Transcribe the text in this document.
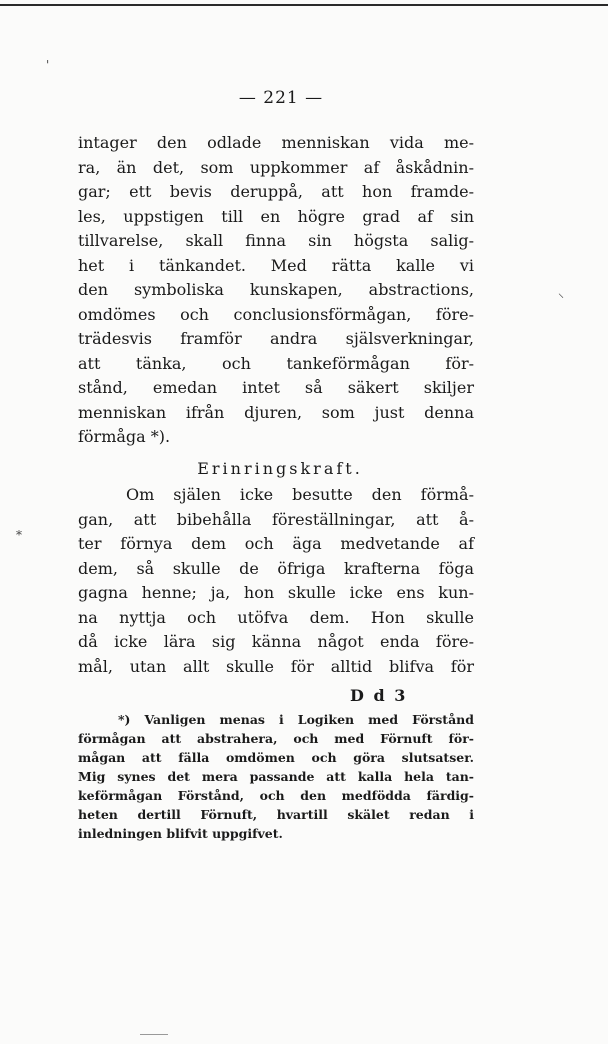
'
*
⸜
— 221 —
intager den odlade menniskan vida me-
ra, än det, som uppkommer af åskådnin-
gar; ett bevis deruppå, att hon framde-
les, uppstigen till en högre grad af sin
tillvarelse, skall finna sin högsta salig-
het i tänkandet. Med rätta kalle vi
den symboliska kunskapen, abstractions,
omdömes och conclusionsförmågan, före-
trädesvis framför andra själsverkningar,
att tänka, och tankeförmågan för-
stånd, emedan intet så säkert skiljer
menniskan ifrån djuren, som just denna
förmåga *).
Erinringskraft.
Om själen icke besutte den förmå-
gan, att bibehålla föreställningar, att å-
ter förnya dem och äga medvetande af
dem, så skulle de öfriga krafterna föga
gagna henne; ja, hon skulle icke ens kun-
na nyttja och utöfva dem. Hon skulle
då icke lära sig känna något enda före-
mål, utan allt skulle för alltid blifva för
D d 3
*) Vanligen menas i Logiken med Förstånd
förmågan att abstrahera, och med Förnuft för-
mågan att fälla omdömen och göra slutsatser.
Mig synes det mera passande att kalla hela tan-
keförmågan Förstånd, och den medfödda färdig-
heten dertill Förnuft, hvartill skälet redan i
inledningen blifvit uppgifvet.
